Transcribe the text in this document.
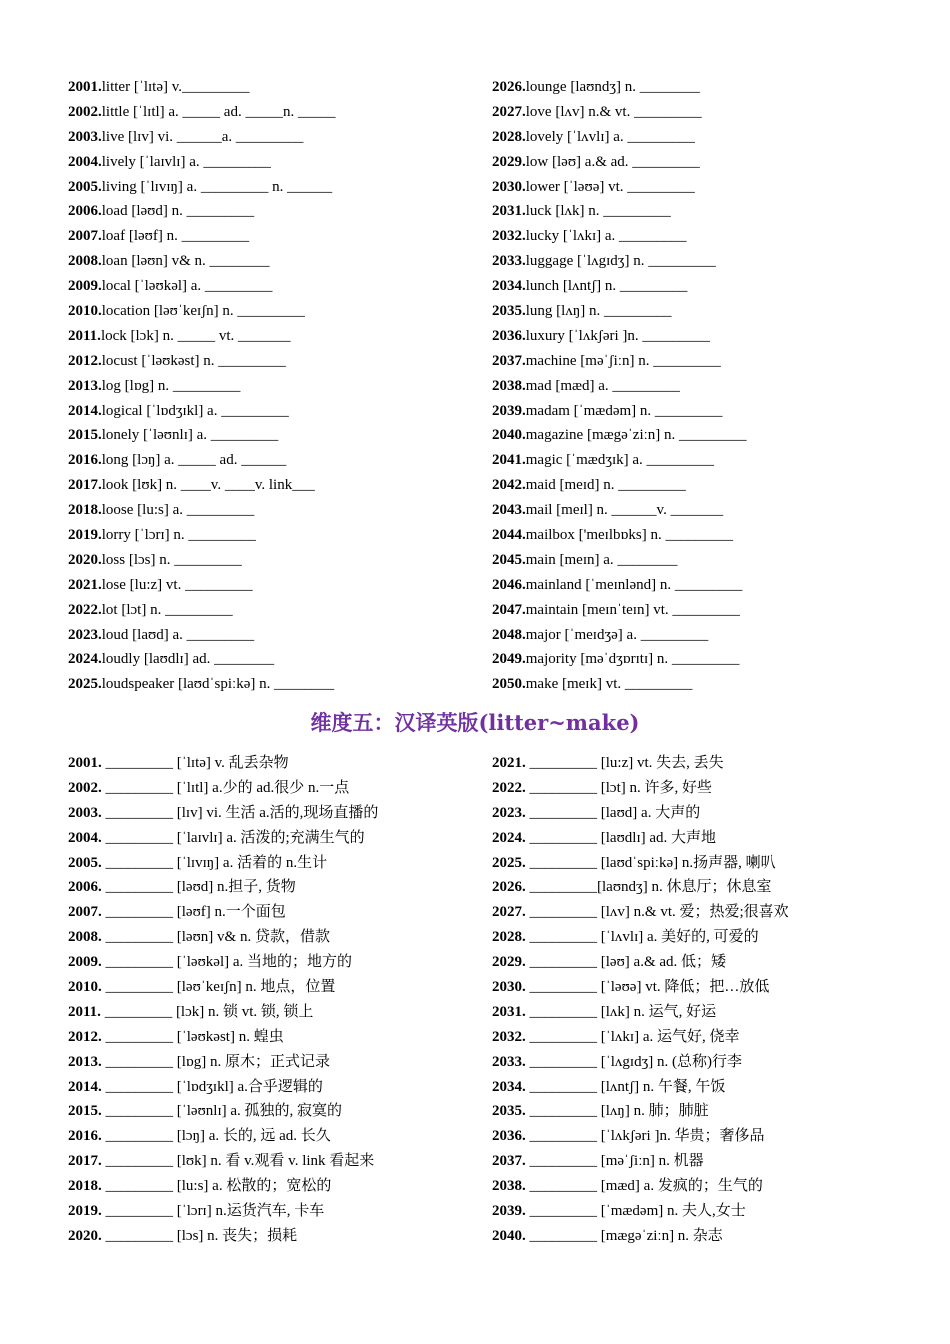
2001.litter [ˈlɪtə] v._________
2002.little [ˈlɪtl] a. _____ ad. _____n. _____
2003.live [lɪv] vi. ______a. _________
2004.lively [ˈlaɪvlɪ] a. _________
2005.living [ˈlɪvɪŋ] a. _________ n. ______
2006.load [ləʊd] n. _________
2007.loaf [ləʊf] n. _________
2008.loan [ləʊn] v& n. ________
2009.local [ˈləʊkəl] a. _________
2010.location [ləʊˈkeɪʃn] n. _________
2011.lock [lɔk] n. _____ vt. _______
2012.locust [ˈləʊkəst] n. _________
2013.log [lɒg] n. _________
2014.logical [ˈlɒdʒɪkl] a. _________
2015.lonely [ˈləʊnlɪ] a. _________
2016.long [lɔŋ] a. _____ ad. ______
2017.look [lʊk] n. ____v. ____v. link___
2018.loose [lu:s] a. _________
2019.lorry [ˈlɔrɪ] n. _________
2020.loss [lɔs] n. _________
2021.lose [lu:z] vt. _________
2022.lot [lɔt] n. _________
2023.loud [laʊd] a. _________
2024.loudly [laʊdlɪ] ad. ________
2025.loudspeaker [laʊdˈspiːkə] n. ________
2026.lounge [laʊndʒ] n. ________
2027.love [lʌv] n.& vt. _________
2028.lovely [ˈlʌvlɪ] a. _________
2029.low [ləʊ] a.& ad. _________
2030.lower [ˈləʊə] vt. _________
2031.luck [lʌk] n. _________
2032.lucky [ˈlʌkɪ] a. _________
2033.luggage [ˈlʌgɪdʒ] n. _________
2034.lunch [lʌntʃ] n. _________
2035.lung [lʌŋ] n. _________
2036.luxury [ˈlʌkʃəri ]n. _________
2037.machine [məˈʃiːn] n. _________
2038.mad [mæd] a. _________
2039.madam [ˈmædəm] n. _________
2040.magazine [mægəˈziːn] n. _________
2041.magic [ˈmædʒɪk] a. _________
2042.maid [meɪd] n. _________
2043.mail [meɪl] n. ______v. _______
2044.mailbox ['meɪlbɒks] n. _________
2045.main [meɪn] a. ________
2046.mainland [ˈmeɪnlənd] n. _________
2047.maintain [meɪnˈteɪn] vt. _________
2048.major [ˈmeɪdʒə] a. _________
2049.majority [məˈdʒɒrɪtɪ] n. _________
2050.make [meɪk] vt. _________
维度五：汉译英版(litter~make)
2001. _________ [ˈlɪtə] v. 乱丢杂物
2002. _________ [ˈlɪtl] a.少的 ad.很少 n.一点
2003. _________ [lɪv] vi. 生活 a.活的,现场直播的
2004. _________ [ˈlaɪvlɪ] a. 活泼的;充满生气的
2005. _________ [ˈlɪvɪŋ] a. 活着的 n.生计
2006. _________ [ləʊd] n.担子, 货物
2007. _________ [ləʊf] n.一个面包
2008. _________ [ləʊn] v& n. 贷款，借款
2009. _________ [ˈləʊkəl] a. 当地的；地方的
2010. _________ [ləʊˈkeɪʃn] n. 地点，位置
2011. _________ [lɔk] n. 锁 vt. 锁, 锁上
2012. _________ [ˈləʊkəst] n. 蝗虫
2013. _________ [lɒg] n. 原木；正式记录
2014. _________ [ˈlɒdʒɪkl] a.合乎逻辑的
2015. _________ [ˈləʊnlɪ] a. 孤独的, 寂寞的
2016. _________ [lɔŋ] a. 长的, 远 ad. 长久
2017. _________ [lʊk] n. 看 v.观看 v. link 看起来
2018. _________ [lu:s] a. 松散的；宽松的
2019. _________ [ˈlɔrɪ] n.运货汽车, 卡车
2020. _________ [lɔs] n. 丧失；损耗
2021. _________ [lu:z] vt. 失去, 丢失
2022. _________ [lɔt] n. 许多, 好些
2023. _________ [laʊd] a. 大声的
2024. _________ [laʊdlɪ] ad. 大声地
2025. _________ [laʊdˈspiːkə] n.扬声器, 喇叭
2026. _________[laʊndʒ] n. 休息厅；休息室
2027. _________ [lʌv] n.& vt. 爱；热爱;很喜欢
2028. _________ [ˈlʌvlɪ] a. 美好的, 可爱的
2029. _________ [ləʊ] a.& ad. 低；矮
2030. _________ [ˈləʊə] vt. 降低；把…放低
2031. _________ [lʌk] n. 运气, 好运
2032. _________ [ˈlʌkɪ] a. 运气好, 侥幸
2033. _________ [ˈlʌgɪdʒ] n. (总称)行李
2034. _________ [lʌntʃ] n. 午餐, 午饭
2035. _________ [lʌŋ] n. 肺；肺脏
2036. _________ [ˈlʌkʃəri ]n. 华贵；奢侈品
2037. _________ [məˈʃiːn] n. 机器
2038. _________ [mæd] a. 发疯的；生气的
2039. _________ [ˈmædəm] n. 夫人,女士
2040. _________ [mægəˈziːn] n. 杂志
